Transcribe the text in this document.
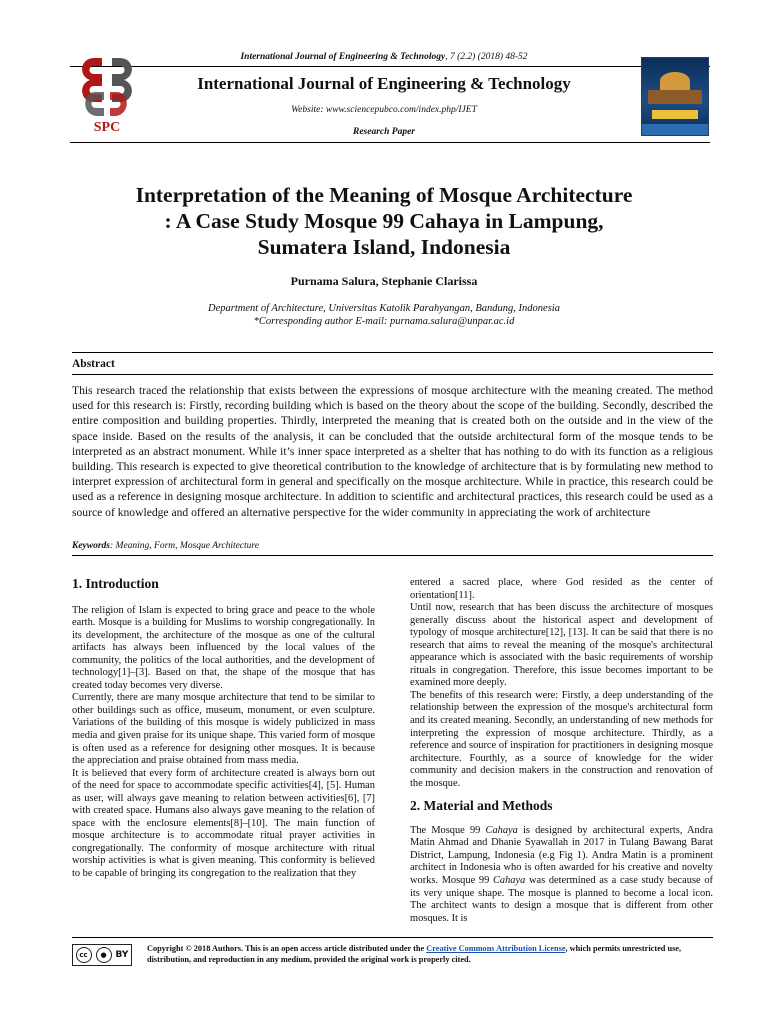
International Journal of Engineering & Technology, 7 (2.2) (2018) 48-52
SPC
International Journal of Engineering & Technology
Website: www.sciencepubco.com/index.php/IJET
Research Paper
Interpretation of the Meaning of Mosque Architecture
: A Case Study Mosque 99 Cahaya in Lampung,
Sumatera Island, Indonesia
Purnama Salura, Stephanie Clarissa
Department of Architecture, Universitas Katolik Parahyangan, Bandung, Indonesia
*Corresponding author E-mail: purnama.salura@unpar.ac.id
Abstract
This research traced the relationship that exists between the expressions of mosque architecture with the meaning created. The method used for this research is: Firstly, recording building which is based on the theory about the scope of the building. Secondly, described the entire composition and building properties. Thirdly, interpreted the meaning that is created both on the outside and in the view of the space inside. Based on the results of the analysis, it can be concluded that the outside architectural form of the mosque tends to be interpreted as an abstract monument. While it’s inner space interpreted as a shelter that has nothing to do with its function as a religious building. This research is expected to give theoretical contribution to the knowledge of architecture that is by formulating new method to interpret expression of architectural form in general and specifically on the mosque architecture. While in practice, this research could be used as a reference in designing mosque architecture. In addition to scientific and architectural practices, this research could be used as a source of knowledge and offered an alternative perspective for the wider community in appreciating the work of architecture
Keywords: Meaning, Form, Mosque Architecture
1. Introduction

The religion of Islam is expected to bring grace and peace to the whole earth. Mosque is a building for Muslims to worship congregationally. In its development, the architecture of the mosque as one of the cultural artifacts has always been influenced by the local values of the community, the politics of the local authorities, and the development of technology[1]–[3]. Based on that, the shape of the mosque that has created today becomes very diverse.

Currently, there are many mosque architecture that tend to be similar to other buildings such as office, museum, monument, or even sculpture. Variations of the building of this mosque is widely publicized in mass media and given praise for its unique shape. This varied form of mosque is often used as a reference for designing other mosques. It is because the appreciation and praise obtained from mass media.

It is believed that every form of architecture created is always born out of the need for space to accommodate specific activities[4], [5]. Human as user, will always gave meaning to relation between activities[6], [7] with created space. Humans also always gave meaning to the relation of space with the enclosure elements[8]–[10]. The main function of mosque architecture is to accommodate ritual prayer activities in congregationally. The conformity of mosque architecture with ritual worship activities is what is given meaning. This conformity is believed to be capable of bringing its congregation to the realization that they

entered a sacred place, where God resided as the center of orientation[11].

Until now, research that has been discuss the architecture of mosques generally discuss about the historical aspect and development of typology of mosque architecture[12], [13]. It can be said that there is no research that aims to reveal the meaning of the mosque's architectural appearance which is associated with the basic requirements of worship rituals in congregation. Therefore, this issue becomes important to be examined more deeply.

The benefits of this research were: Firstly, a deep understanding of the relationship between the expression of the mosque's architectural form and its created meaning. Secondly, an understanding of new methods for interpreting the expression of mosque architecture. Thirdly, as a reference and source of inspiration for practitioners in designing mosque architecture. Fourthly, as a source of knowledge for the wider community and decision makers in the construction and renovation of the mosque.

2. Material and Methods

The Mosque 99 Cahaya is designed by architectural experts, Andra Matin Ahmad and Dhanie Syawallah in 2017 in Tulang Bawang Barat District, Lampung, Indonesia (e.g Fig 1). Andra Matin is a prominent architect in Indonesia who is often awarded for his creative and novelty works. Mosque 99 Cahaya was determined as a case study because of its very unique shape. The mosque is planned to become a local icon. The architect wants to design a mosque that is different from other mosques. It is

cc	● BY
Copyright © 2018 Authors. This is an open access article distributed under the Creative Commons Attribution License, which permits unrestricted use, distribution, and reproduction in any medium, provided the original work is properly cited.
